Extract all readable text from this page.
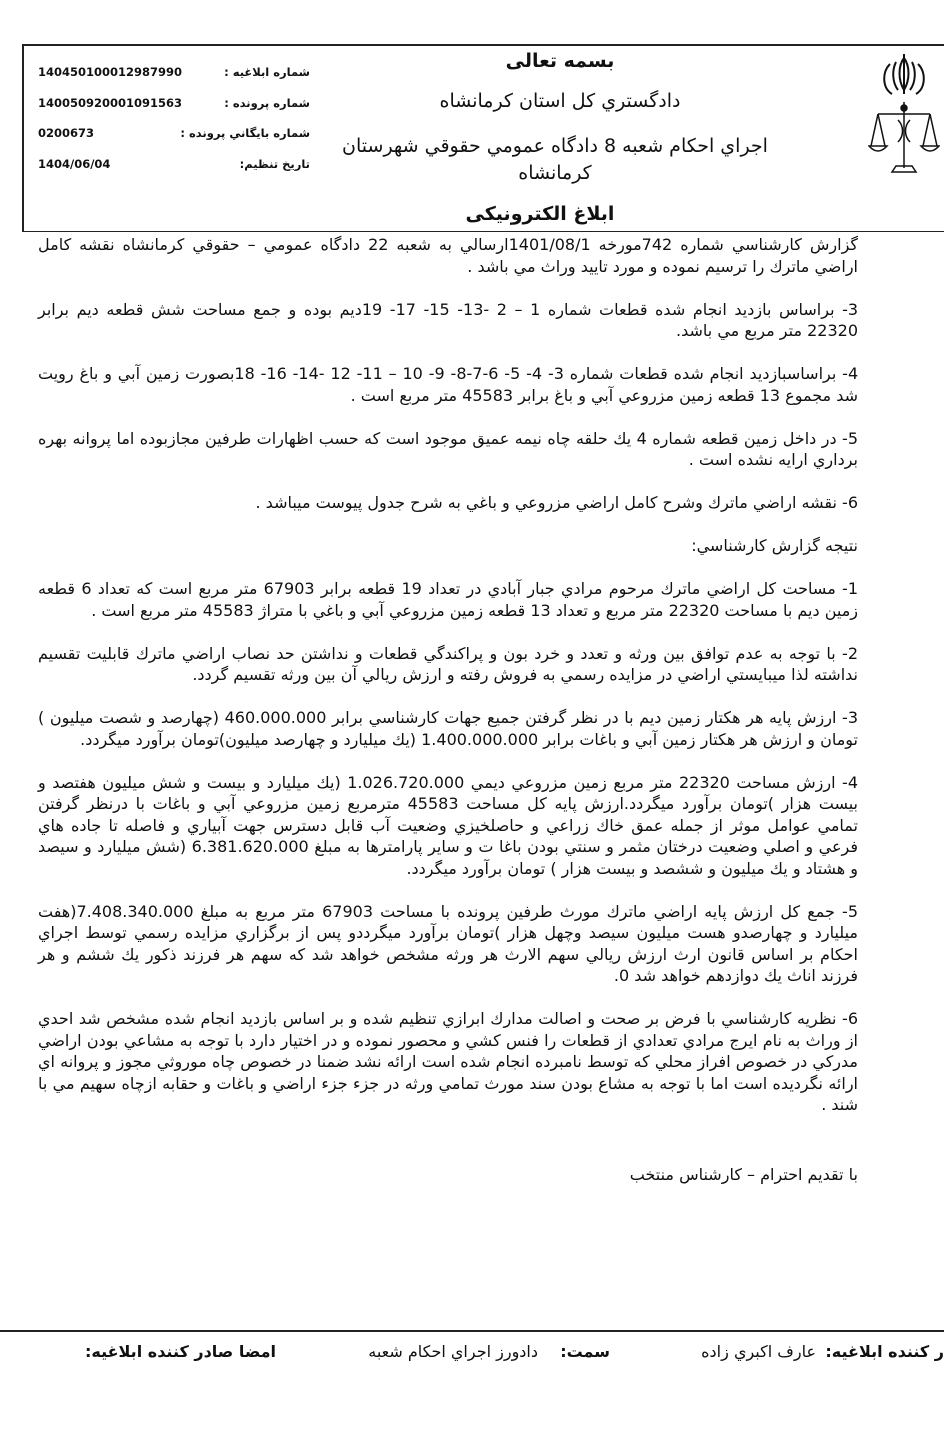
140450100012987990	شماره ابلاغيه :
140050920001091563	شماره پرونده :
0200673	شماره بايگاني پرونده :
1404/06/04	تاريخ تنظيم:
بسمه تعالی
دادگستري كل استان كرمانشاه
اجراي احكام شعبه 8 دادگاه عمومي حقوقي شهرستان كرمانشاه
ابلاغ الکترونیکی

گزارش كارشناسي شماره 742مورخه 1401/08/1ارسالي به شعبه 22 دادگاه عمومي – حقوقي كرمانشاه نقشه كامل اراضي ماترك را ترسيم نموده و مورد تاييد وراث مي باشد .

3- براساس بازديد انجام شده قطعات شماره 1 – 2 -13- 15- 17- 19ديم بوده و جمع مساحت شش قطعه ديم برابر 22320 متر مربع مي باشد.

4- براساسبازديد انجام شده قطعات شماره 3- 4- 5- 6-7-8- 9- 10 – 11- 12 -14- 16- 18بصورت زمين آبي و باغ رويت شد مجموع 13 قطعه زمين مزروعي آبي و باغ برابر 45583 متر مربع است .

5- در داخل زمين قطعه شماره 4 يك حلقه چاه نيمه عميق موجود است كه حسب اظهارات طرفين مجازبوده اما پروانه بهره برداري ارايه نشده است .

6- نقشه اراضي ماترك وشرح كامل اراضي مزروعي و باغي به شرح جدول پيوست ميباشد .

نتيجه گزارش كارشناسي:

1- مساحت كل اراضي ماترك مرحوم مرادي جبار آبادي در تعداد 19 قطعه برابر 67903 متر مربع است كه تعداد 6 قطعه زمين ديم با مساحت 22320 متر مربع و تعداد 13 قطعه زمين مزروعي آبي و باغي با متراژ 45583 متر مربع است .

2- با توجه به عدم توافق بين ورثه و تعدد و خرد بون و پراكندگي قطعات و نداشتن حد نصاب اراضي ماترك قابليت تقسيم نداشته لذا ميبايستي اراضي در مزايده رسمي به فروش رفته و ارزش ريالي آن بين ورثه تقسيم گردد.

3- ارزش پايه هر هكتار زمين ديم با در نظر گرفتن جميع جهات كارشناسي برابر 460.000.000 (چهارصد و شصت ميليون ) تومان و ارزش هر هكتار زمين آبي و باغات برابر 1.400.000.000 (يك ميليارد و چهارصد ميليون)تومان برآورد ميگردد.

4- ارزش مساحت 22320 متر مربع زمين مزروعي ديمي 1.026.720.000 (يك ميليارد و بيست و شش ميليون هفتصد و بيست هزار )تومان برآورد ميگردد.ارزش پايه كل مساحت 45583 مترمربع زمين مزروعي آبي و باغات با درنظر گرفتن تمامي عوامل موثر از جمله عمق خاك زراعي و حاصلخيزي وضعيت آب قابل دسترس جهت آبياري و فاصله تا جاده هاي فرعي و اصلي وضعيت درختان مثمر و سنتي بودن باغا ت و ساير پارامترها به مبلغ 6.381.620.000 (شش ميليارد و سيصد و هشتاد و يك ميليون و ششصد و بيست هزار ) تومان برآورد ميگردد.

5- جمع كل ارزش پايه اراضي ماترك مورث طرفين پرونده با مساحت 67903 متر مربع به مبلغ 7.408.340.000(هفت ميليارد و چهارصدو هست ميليون سيصد وچهل هزار )تومان برآورد ميگرددو پس از برگزاري مزايده رسمي توسط اجراي احكام بر اساس قانون ارث ارزش ريالي سهم الارث هر ورثه مشخص خواهد شد كه سهم هر فرزند ذكور يك ششم و هر فرزند اناث يك دوازدهم خواهد شد 0.

6- نظريه كارشناسي با فرض بر صحت و اصالت مدارك ابرازي تنظيم شده و بر اساس بازديد انجام شده مشخص شد احدي از وراث به نام ايرج مرادي تعدادي از قطعات را فنس كشي و محصور نموده و در اختيار دارد با توجه به مشاعي بودن اراضي مدركي در خصوص افراز محلي كه توسط نامبرده انجام شده است ارائه نشد ضمنا در خصوص چاه موروثي مجوز و پروانه اي ارائه نگرديده است اما با توجه به مشاع بودن سند مورث تمامي ورثه در جزء جزء اراضي و باغات و حقابه ازچاه سهيم مي با شند .

با تقديم احترام – كارشناس منتخب

ر كننده ابلاغيه:
عارف اكبري زاده
سمت:
دادورز اجراي احكام شعبه
امضا صادر كننده ابلاغيه:
